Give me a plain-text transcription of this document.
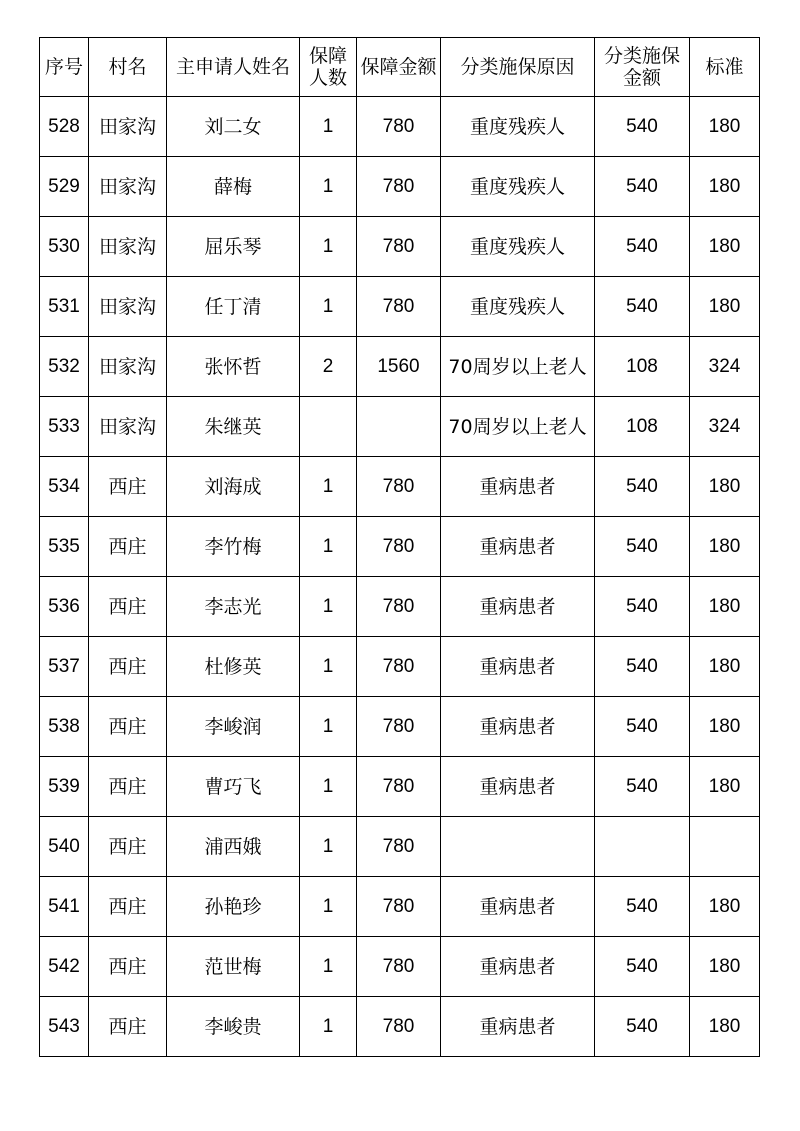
序号	村名	主申请人姓名	保障人数	保障金额	分类施保原因	分类施保金额	标准
528	田家沟	刘二女	1	780	重度残疾人	540	180
529	田家沟	薛梅	1	780	重度残疾人	540	180
530	田家沟	屈乐琴	1	780	重度残疾人	540	180
531	田家沟	任丁清	1	780	重度残疾人	540	180
532	田家沟	张怀哲	2	1560	70周岁以上老人	108	324
533	田家沟	朱继英			70周岁以上老人	108	324
534	西庄	刘海成	1	780	重病患者	540	180
535	西庄	李竹梅	1	780	重病患者	540	180
536	西庄	李志光	1	780	重病患者	540	180
537	西庄	杜修英	1	780	重病患者	540	180
538	西庄	李峻润	1	780	重病患者	540	180
539	西庄	曹巧飞	1	780	重病患者	540	180
540	西庄	浦西娥	1	780			
541	西庄	孙艳珍	1	780	重病患者	540	180
542	西庄	范世梅	1	780	重病患者	540	180
543	西庄	李峻贵	1	780	重病患者	540	180
